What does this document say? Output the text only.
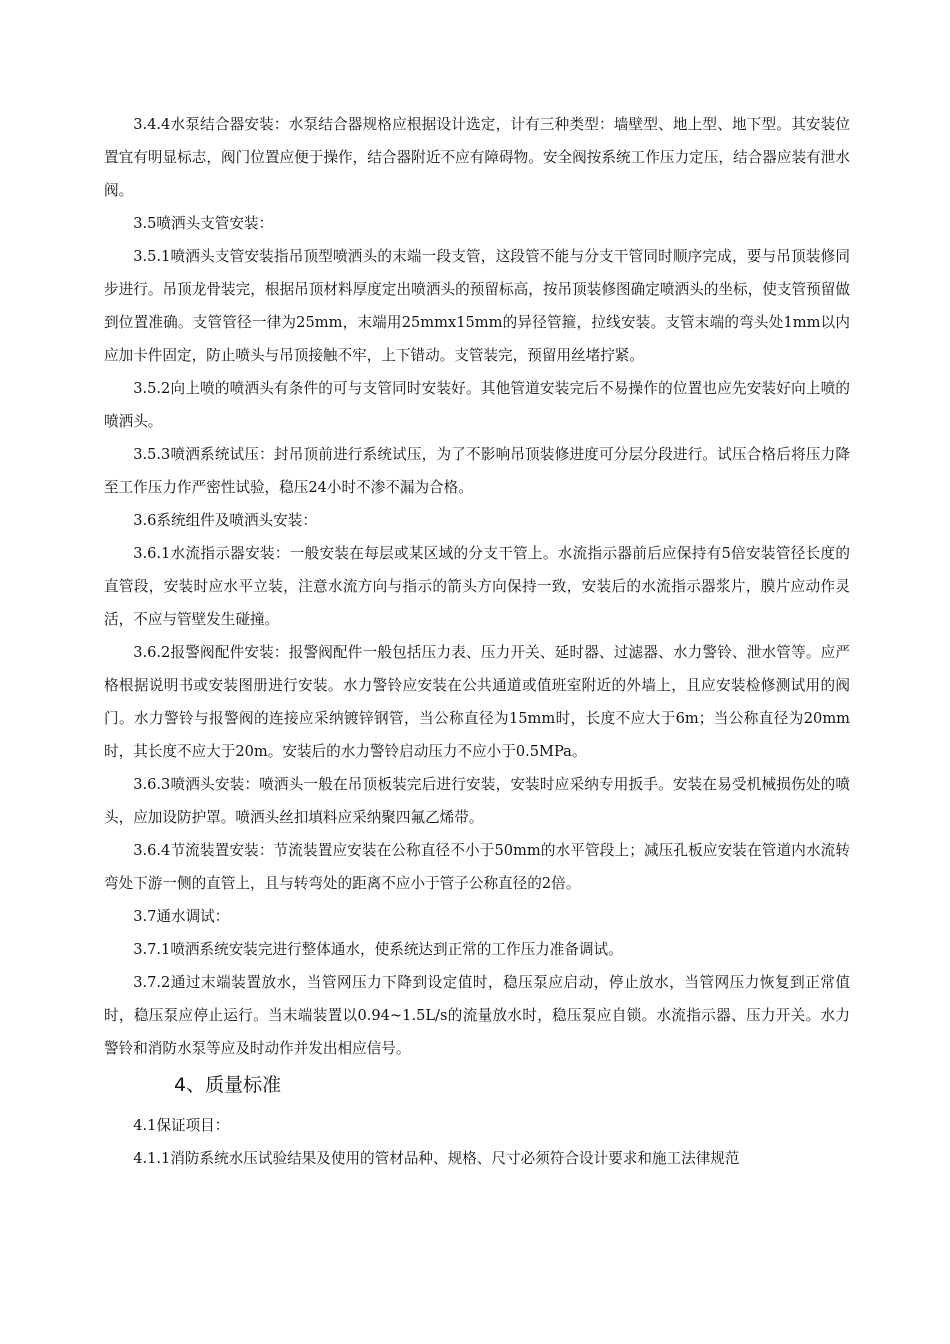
3.4.4水泵结合器安装：水泵结合器规格应根据设计选定，计有三种类型：墙壁型、地上型、地下型。其安装位置宜有明显标志，阀门位置应便于操作，结合器附近不应有障碍物。安全阀按系统工作压力定压，结合器应装有泄水阀。

3.5喷洒头支管安装：

3.5.1喷洒头支管安装指吊顶型喷洒头的末端一段支管，这段管不能与分支干管同时顺序完成，要与吊顶装修同步进行。吊顶龙骨装完，根据吊顶材料厚度定出喷洒头的预留标高，按吊顶装修图确定喷洒头的坐标，使支管预留做到位置准确。支管管径一律为25mm，末端用25mmx15mm的异径管箍，拉线安装。支管末端的弯头处1mm以内应加卡件固定，防止喷头与吊顶接触不牢，上下错动。支管装完，预留用丝堵拧紧。

3.5.2向上喷的喷洒头有条件的可与支管同时安装好。其他管道安装完后不易操作的位置也应先安装好向上喷的喷洒头。

3.5.3喷洒系统试压：封吊顶前进行系统试压，为了不影响吊顶装修进度可分层分段进行。试压合格后将压力降至工作压力作严密性试验，稳压24小时不渗不漏为合格。

3.6系统组件及喷洒头安装：

3.6.1水流指示器安装：一般安装在每层或某区域的分支干管上。水流指示器前后应保持有5倍安装管径长度的直管段，安装时应水平立装，注意水流方向与指示的箭头方向保持一致，安装后的水流指示器浆片，膜片应动作灵活，不应与管壁发生碰撞。

3.6.2报警阀配件安装：报警阀配件一般包括压力表、压力开关、延时器、过滤器、水力警铃、泄水管等。应严格根据说明书或安装图册进行安装。水力警铃应安装在公共通道或值班室附近的外墙上，且应安装检修测试用的阀门。水力警铃与报警阀的连接应采纳镀锌钢管，当公称直径为15mm时，长度不应大于6m；当公称直径为20mm时，其长度不应大于20m。安装后的水力警铃启动压力不应小于0.5MPa。

3.6.3喷洒头安装：喷洒头一般在吊顶板装完后进行安装，安装时应采纳专用扳手。安装在易受机械损伤处的喷头，应加设防护罩。喷洒头丝扣填料应采纳聚四氟乙烯带。

3.6.4节流装置安装：节流装置应安装在公称直径不小于50mm的水平管段上；减压孔板应安装在管道内水流转弯处下游一侧的直管上，且与转弯处的距离不应小于管子公称直径的2倍。

3.7通水调试：

3.7.1喷洒系统安装完进行整体通水，使系统达到正常的工作压力准备调试。

3.7.2通过末端装置放水，当管网压力下降到设定值时，稳压泵应启动，停止放水，当管网压力恢复到正常值时，稳压泵应停止运行。当末端装置以0.94~1.5L/s的流量放水时，稳压泵应自锁。水流指示器、压力开关。水力警铃和消防水泵等应及时动作并发出相应信号。

4、质量标准

4.1保证项目：

4.1.1消防系统水压试验结果及使用的管材品种、规格、尺寸必须符合设计要求和施工法律规范
